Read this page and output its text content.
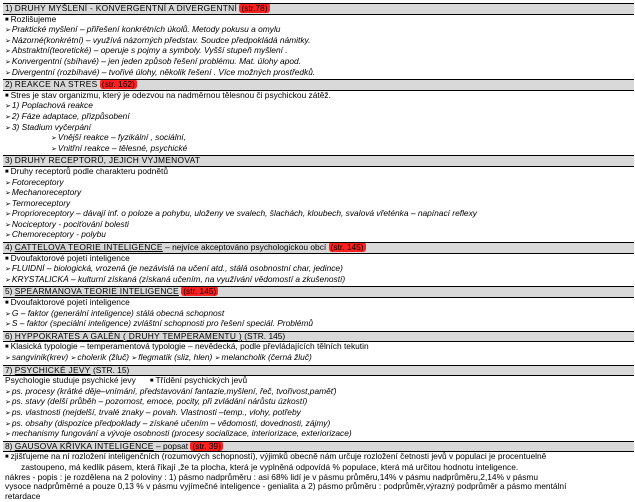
1) DRUHY MYŠLENÍ - KONVERGENTNÍ A DIVERGENTNÍ (str.78)
■ Rozlišujeme
➢Praktické myšlení – přiřešení konkrétních úkolů. Metody pokusu a omylu
➢Názorné(konkrétní) – využívá názorných představ. Soudce předpokládá námitky.
➢Abstraktní(teoretické) – operuje s pojmy a symboly. Vyšší stupeň myšlení .
➢Konvergentní (sbíhavé) – jen jeden způsob řešení problému. Mat. úlohy apod.
➢Divergentní (rozbíhavé) – tvořivé úlohy, několik řešení . Více možných prostředků.
2) REAKCE NA STRES (str. 162)
■ Stres je stav organizmu, který je odezvou na nadměrnou tělesnou či psychickou zátěž.
➢1) Poplachová reakce
➢2) Fáze adaptace, přizpůsobení
➢3) Stadium vyčerpání
➢Vnější reakce – fyzikální , sociální,
➢Vnitřní reakce – tělesné, psychické
3) DRUHY RECEPTORŮ, JEJICH VYJMENOVAT
■ Druhy receptorů podle charakteru podnětů
➢Fotoreceptory
➢Mechanoreceptory
➢Termoreceptory
➢Proprioreceptory – dávají inf. o poloze a pohybu, uloženy ve svalech, šlachách, kloubech, svalová vřeténka – napínací reflexy
➢Nociceptory - pociťování bolesti
➢Chemoreceptory - polybu
4) CATTELOVA TEORIE INTELIGENCE – nejvíce akceptováno psychologickou obcí (str. 145)
■ Dvoufaktorové pojetí inteligence
➢FLUIDNÍ – biologická, vrozená (je nezávislá na učení atd., stálá osobnostní char, jedince)
➢KRYSTALICKÁ – kulturní získaná (získaná učením, na využívání vědomostí a zkušeností)
5) SPEARMANOVA TEORIE INTELIGENCE (str. 145)
■ Dvoufaktorové pojetí inteligence
➢G – faktor (generální inteligence) stálá obecná schopnost
➢S – faktor (speciální inteligence) zvláštní schopnosti pro řešení speciál. Problémů
6) HYPPOKRATES A GALÉN ( DRUHY TEMPERAMENTU ) (STR. 145)
■ Klasická typologie – temperamentová typologie – nevědecká, podle převládajících tělních tekutin
➢sangvinik(krev) ➢cholerik (žluč) ➢flegmatik (sliz, hlen) ➢melancholik (černá žluč)
7) PSYCHICKÉ JEVY (STR. 15)
Psychologie studuje psychické jevy ■ Třídění psychických jevů
➢ps. procesy (krátké děje–vnímání, představování fantazie,myšlení, řeč, tvořivost,paměť)
➢ps. stavy (delší průběh – pozornost, emoce, pocity, při zvládání nárůstu úzkostí)
➢ps. vlastnosti (nejdelší, trvalé znaky – povah. Vlastnosti –temp., vlohy, potřeby
➢ps. obsahy (dispozice předpoklady – získané učením – vědomosti, dovednosti, zájmy)
➢mechanismy fungování a vývoje osobnosti (procesy socializace, interiorizace, exteriorizace)
8) GAUSOVA KŘIVKA INTELIGENCE – popsat (str. 39)
■ zjišťujeme na ní rozložení inteligenčních (rozumových schopností), výjimků obecně nám určuje rozložení četnosti jevů v populaci je procentuelně
zastoupeno, má kedlik pásem, která říkají ,že ta plocha, která je vyplněná odpovídá % populace, která má určitou hodnotu inteligence.
nákres - popis : je rozdělena na 2 poloviny : 1) pásmo nadprůměru : asi 68% lidí je v pásmu průměru,14% v pásmu nadprůměru,2,14% v pásmu
vysoce nadprůměrné a pouze 0,13 % v pásmu vyjímečné inteligence - genialita a 2) pásmo průměru : podprůměr,výrazný podprůměr a pásmo mentální
retardace
